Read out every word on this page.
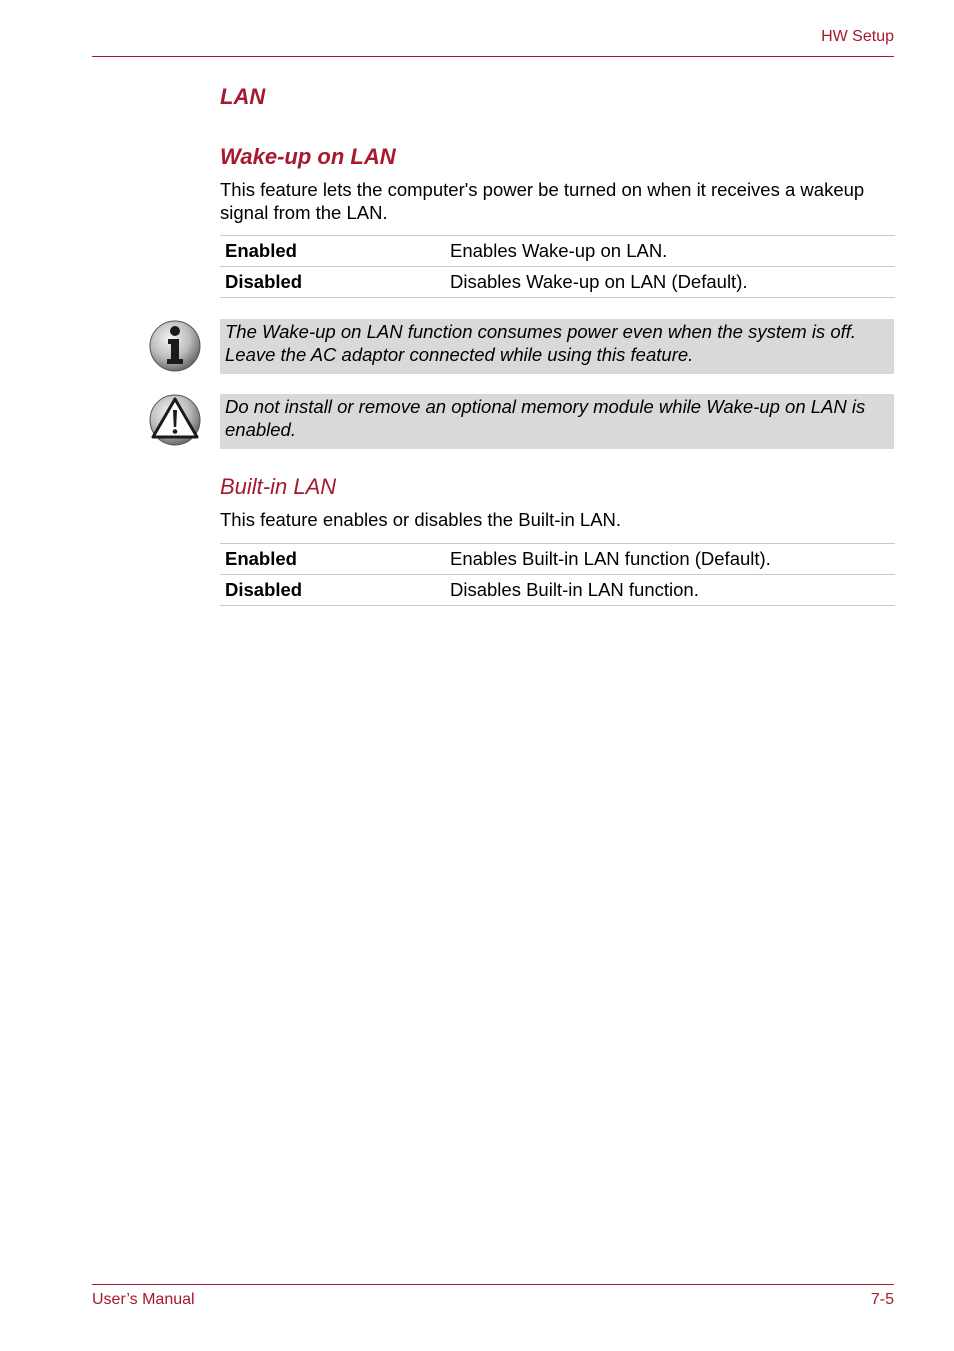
HW Setup
LAN
Wake-up on LAN
This feature lets the computer's power be turned on when it receives a wakeup signal from the LAN.
Enabled	Enables Wake-up on LAN.
Disabled	Disables Wake-up on LAN (Default).
The Wake-up on LAN function consumes power even when the system is off. Leave the AC adaptor connected while using this feature.
Do not install or remove an optional memory module while Wake-up on LAN is enabled.
Built-in LAN
This feature enables or disables the Built-in LAN.
Enabled	Enables Built-in LAN function (Default).
Disabled	Disables Built-in LAN function.
User’s Manual	7-5
